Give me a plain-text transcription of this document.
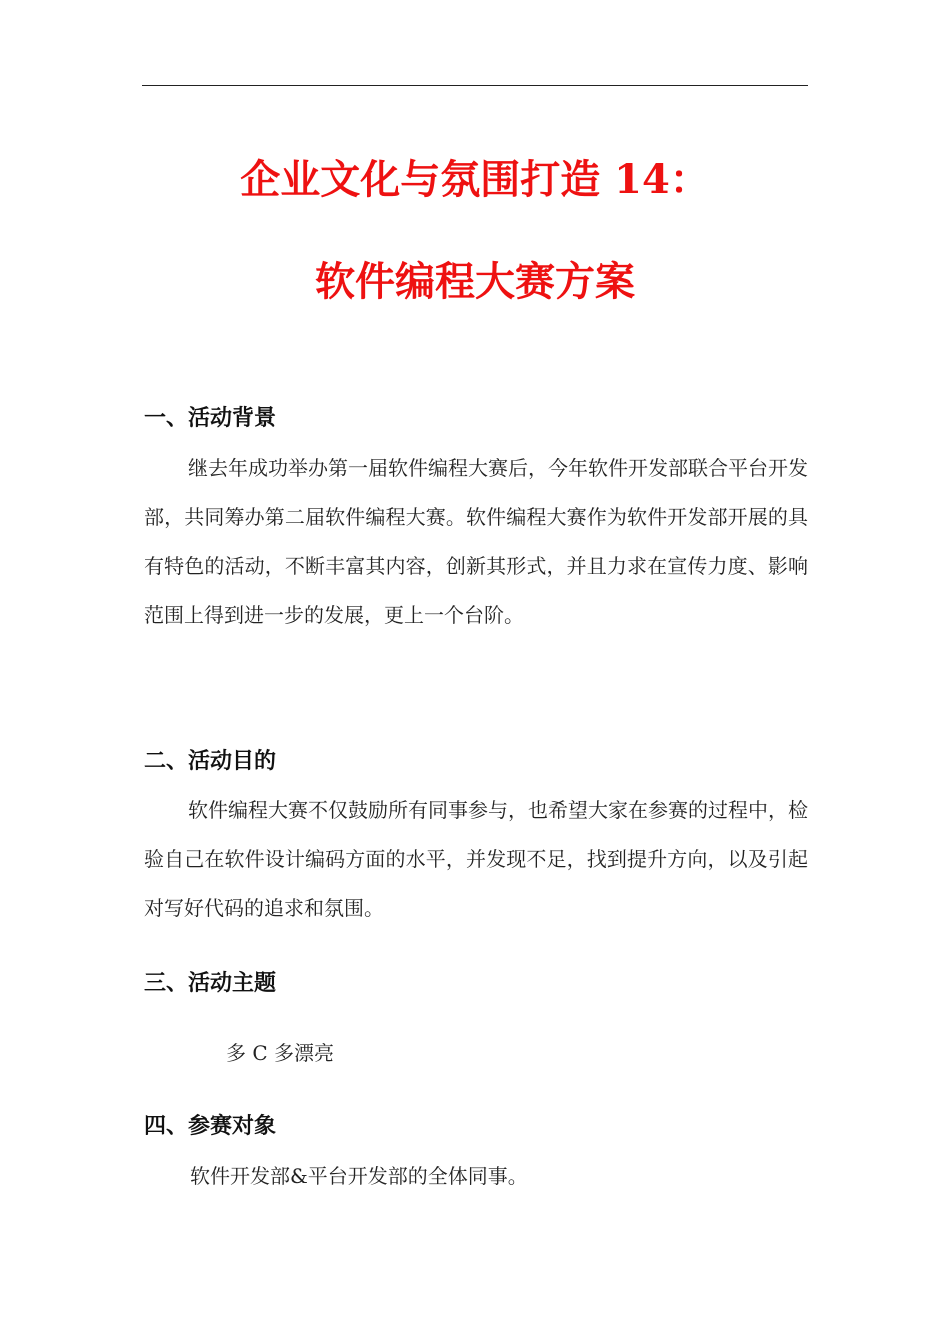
企业文化与氛围打造 14：
软件编程大赛方案
一、活动背景

继去年成功举办第一届软件编程大赛后，今年软件开发部联合平台开发部，共同筹办第二届软件编程大赛。软件编程大赛作为软件开发部开展的具有特色的活动，不断丰富其内容，创新其形式，并且力求在宣传力度、影响范围上得到进一步的发展，更上一个台阶。

二、活动目的

软件编程大赛不仅鼓励所有同事参与，也希望大家在参赛的过程中，检验自己在软件设计编码方面的水平，并发现不足，找到提升方向，以及引起对写好代码的追求和氛围。

三、活动主题
多 C 多漂亮
四、参赛对象
软件开发部&平台开发部的全体同事。
